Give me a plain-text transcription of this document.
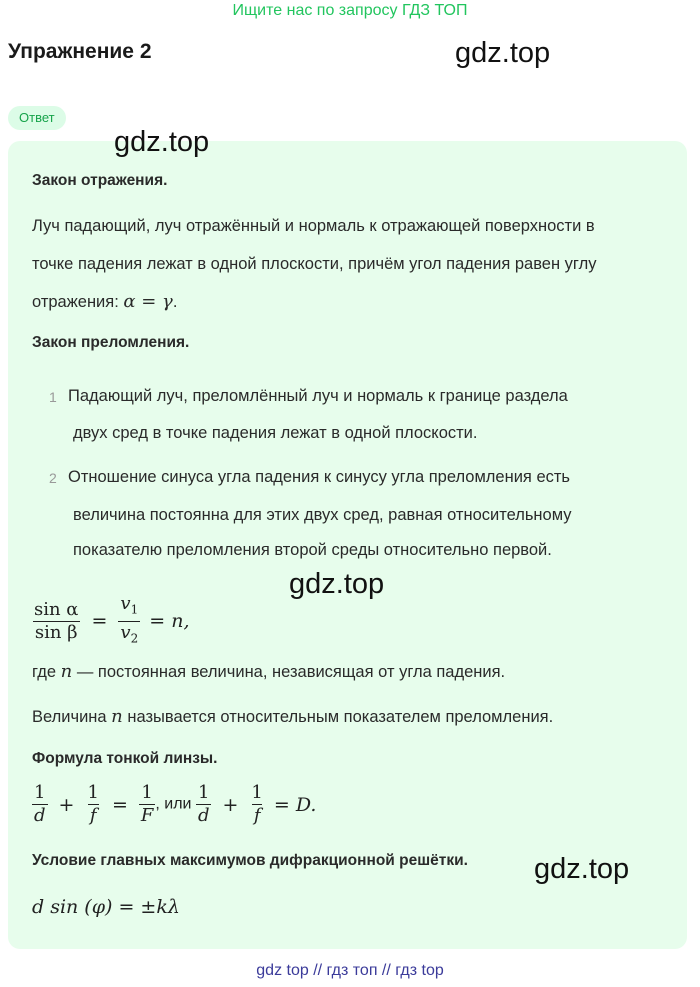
Ищите нас по запросу ГДЗ ТОП
Упражнение 2	gdz.top
Ответ
Закон отражения.
Луч падающий, луч отражённый и нормаль к отражающей поверхности в
точке падения лежат в одной плоскости, причём угол падения равен углу
отражения: α = γ.
Закон преломления.
1 Падающий луч, преломлённый луч и нормаль к границе раздела
двух сред в точке падения лежат в одной плоскости.
2 Отношение синуса угла падения к синусу угла преломления есть
величина постоянна для этих двух сред, равная относительному
показателю преломления второй среды относительно первой.
$\frac{\text{sin α}}{\text{sin β}} = \frac{v_1}{v_2} = n$,
где n — постоянная величина, независящая от угла падения.
Величина n называется относительным показателем преломления.
Формула тонкой линзы.
$\frac{1}{d} + \frac{1}{f} = \frac{1}{F}$ , или $\frac{1}{d} + \frac{1}{f} = D$.
Условие главных максимумов дифракционной решётки.
d sin (φ) = ±kλ
gdz.top
gdz.top
gdz.top
gdz top // гдз топ // гдз top
